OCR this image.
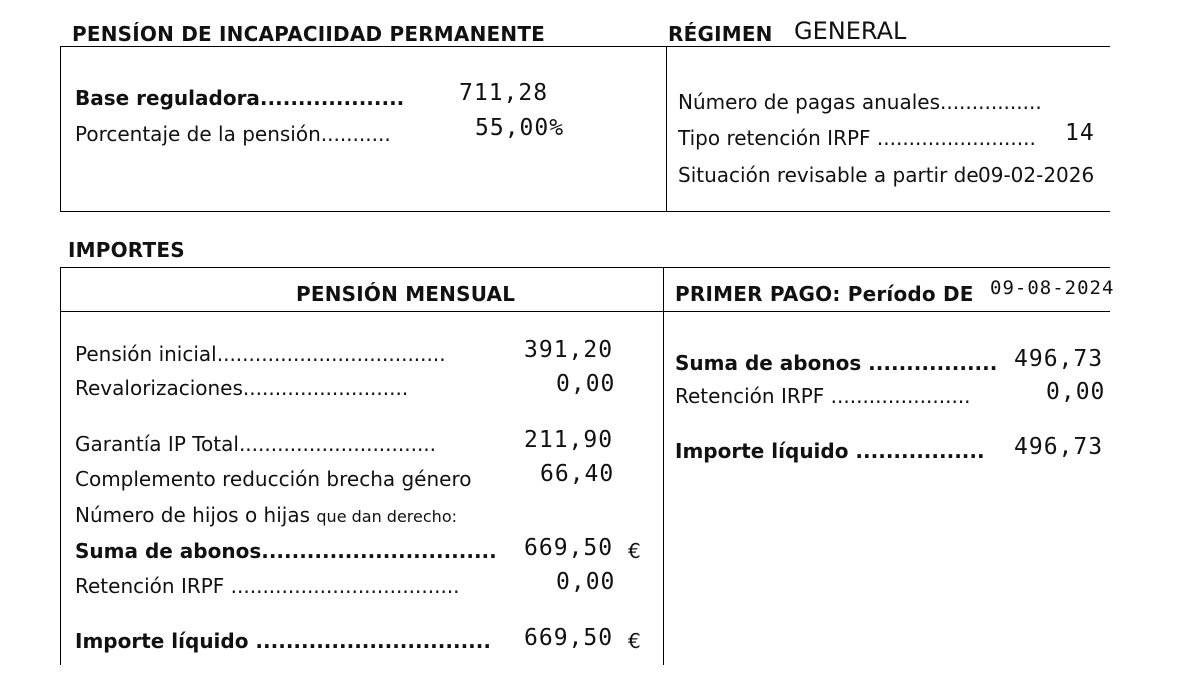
PENSÍON DE INCAPACIIDAD PERMANENTE	RÉGIMEN GENERAL
Base reguladora................... 711,28
Porcentaje de la pensión...........	55,00%
Número de pagas anuales................
Tipo retención IRPF ......................... 14
Situación revisable a partir de 09-02-2026
IMPORTES
PENSIÓN MENSUAL	PRIMER PAGO: Período DE 09-08-2024
Pensión inicial....................................	391,20
Revalorizaciones..........................	0,00
Garantía IP Total...............................	211,90
Complemento reducción brecha género	66,40
Número de hijos o hijas que dan derecho:
Suma de abonos............................... 669,50 €
Retención IRPF ....................................	0,00
Importe líquido ............................... 669,50 €
Suma de abonos ................. 496,73
Retención IRPF ......................	0,00
Importe líquido ................. 496,73
